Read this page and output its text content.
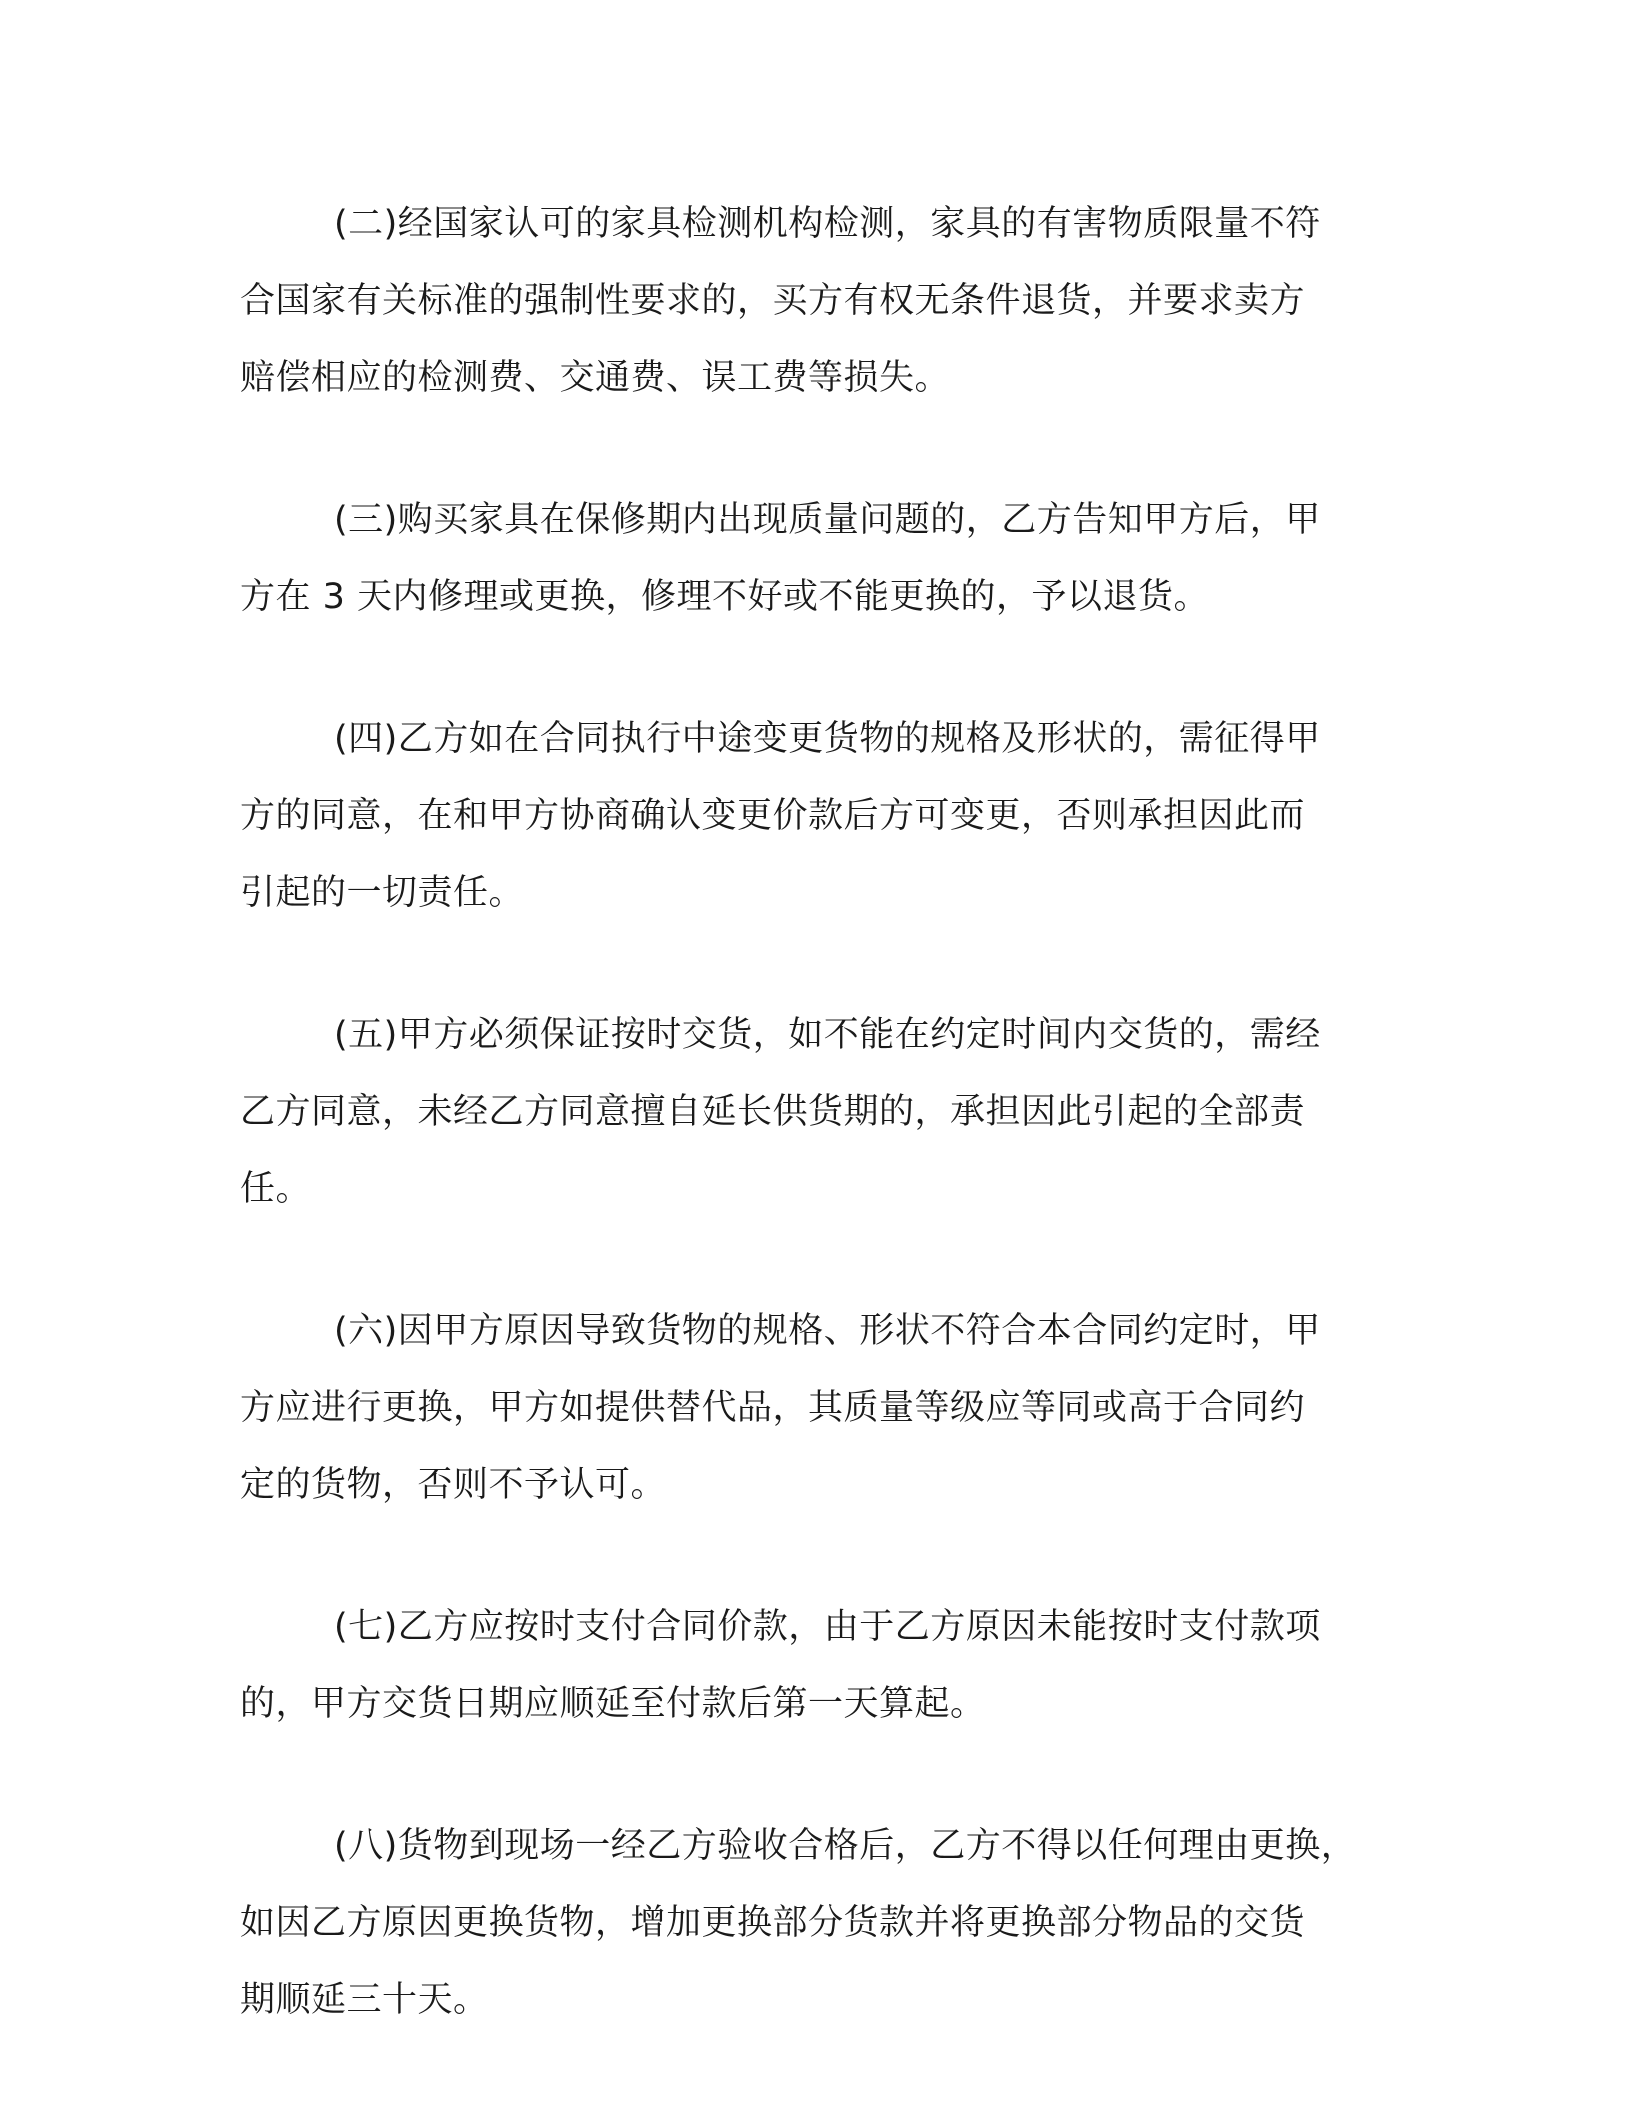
(二)经国家认可的家具检测机构检测，家具的有害物质限量不符
合国家有关标准的强制性要求的，买方有权无条件退货，并要求卖方
赔偿相应的检测费、交通费、误工费等损失。

(三)购买家具在保修期内出现质量问题的，乙方告知甲方后，甲
方在 3 天内修理或更换，修理不好或不能更换的，予以退货。

(四)乙方如在合同执行中途变更货物的规格及形状的，需征得甲
方的同意，在和甲方协商确认变更价款后方可变更，否则承担因此而
引起的一切责任。

(五)甲方必须保证按时交货，如不能在约定时间内交货的，需经
乙方同意，未经乙方同意擅自延长供货期的，承担因此引起的全部责
任。

(六)因甲方原因导致货物的规格、形状不符合本合同约定时，甲
方应进行更换，甲方如提供替代品，其质量等级应等同或高于合同约
定的货物，否则不予认可。

(七)乙方应按时支付合同价款，由于乙方原因未能按时支付款项
的，甲方交货日期应顺延至付款后第一天算起。

(八)货物到现场一经乙方验收合格后，乙方不得以任何理由更换，
如因乙方原因更换货物，增加更换部分货款并将更换部分物品的交货
期顺延三十天。
